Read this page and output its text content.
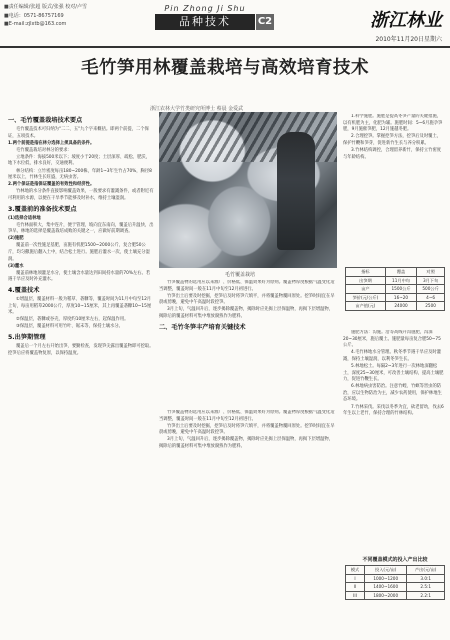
■责任编辑/张超 版式/张强 校对/卢雪
■电话：0571-86757169
■E-mail:zjlxtb@163.com
Pin Zhong Ji Shu
品种技术	C2	浙江林业
2010年11月20日星期六
毛竹笋用林覆盖栽培与高效培育技术
浙江农林大学竹类研究所博士 蔡晨 金爱武

一、毛竹覆盖栽培技术要点

毛竹覆盖技术可归纳为"二二、五"九个字来概括。即两个前提，二个保证，五项技术。

1.两个前提是指在林分选择上须具备的条件。

毛竹覆盖栽培对林分的要求：

立地条件：海拔500米以下；坡度小于20度；土层深厚、疏松、肥沃，地下水位低，排水良好，交通便利。

林分结构：立竹密度每亩180~200株，年龄1~3年生竹占70%，胸径8厘米以上，竹林生长旺盛，无病虫害。

2.两个保证是指保证覆盖的有效性和经济性。

竹林地的水分条件直接影响覆盖效果，一般要求有灌溉条件，或者附近有可利用的水源，以便在干旱季节能够及时补水，维持土壤湿润。

3.覆盖前的准备技术要点

(1)选择合适林地

毛竹林面积大，集中连片，便于管理，坡向宜东南向，覆盖后升温快，出笋早。林地的选择是覆盖栽培成败的关键之一，应做好前期调查。

(2)施肥

覆盖前一次性施足基肥，亩施有机肥1500~2000公斤，复合肥50公斤，均匀撒施后翻入土中，结合松土进行。施肥后灌水一次，使土壤充分湿润。

(3)灌水

覆盖前林地须灌足水分，使土壤含水量达到田间持水量的70%左右。若遇干旱应及时补充灌水。

4.覆盖技术

①增温层，覆盖材料一般为稻草、砻糠等，覆盖时间为11月中旬至12月上旬，每亩用稻草2000公斤，厚度10~15厘米，其上再覆盖砻糠10~15厘米。

②保温层，砻糠或谷壳，厚度约10厘米左右，起保温作用。

③保湿层，覆盖材料可用竹叶、锯末等，保持土壤水分。

5.出笋期管理

覆盖后一个月左右开始出笋，要勤检查，发现笋尖露出覆盖物即可挖取。挖笋后应将覆盖物复原，以保持温度。

竹笋覆盖物的选用应以来源广、价格低、保温效果好为原则。覆盖物厚度根据气温变化适当调整，覆盖时间一般在11月中旬至12月初进行。

竹笋出土后要及时挖掘，挖笋后及时将笋穴填平，并将覆盖物覆回原处。挖笋时间宜在早晨或傍晚，避免中午高温时段挖笋。

3月上旬，气温回升后，逐步揭除覆盖物，揭除时应先揭上层保温物，再揭下层增温物，揭除后的覆盖材料可集中堆放腐熟作为肥料。

二、毛竹冬笋丰产培育关键技术

1.科学施肥。施肥是提高冬笋产量的关键措施，以有机肥为主，化肥为辅。施肥时间：5~6月施孕笋肥，9月施催笋肥，12月施越冬肥。

2.合理挖笋。掌握挖笋方法，挖笋后及时覆土，保护竹鞭和笋芽，促进新竹生长与养分积累。

3.竹林结构调控，合理留养新竹，保持立竹密度与年龄结构。

施肥方法：沟施。沿等高线开沟施肥，沟深20~30厘米，施后覆土。施肥量每亩复合肥50~75公斤。

4.毛竹林地水分管理。秋冬季节遇干旱应及时灌溉，保持土壤湿润，以利冬笋生长。

5.林地松土。每隔2~3年进行一次林地深翻松土，深度25~30厘米，可改善土壤结构，提高土壤肥力，促进竹鞭生长。

6.林地病虫害防治。注意竹蝗、竹螟等害虫的防治，应以生物防治为主，减少农药使用，保护林地生态环境。

7.竹林采伐。采伐以冬季为宜，砍老留幼，伐去6年生以上老竹，保持合理的竹林结构。

毛竹覆盖栽培

竹笋覆盖物的选用应以来源广、价格低、保温效果好为原则。覆盖物厚度根据气温变化适当调整，覆盖时间一般在11月中旬至12月初进行。

竹笋出土后要及时挖掘，挖笋后及时将笋穴填平，并将覆盖物覆回原处。挖笋时间宜在早晨或傍晚，避免中午高温时段挖笋。

3月上旬，气温回升后，逐步揭除覆盖物，揭除时应先揭上层保温物，再揭下层增温物，揭除后的覆盖材料可集中堆放腐熟作为肥料。

指标	覆盖	对照
出笋期	11月中旬	3月下旬
亩产	1500公斤	500公斤
笋价(元/公斤)	16~20	4~6
亩产值(元)	24000	2500
不同覆盖模式的投入产出比较
模式	投入(元/亩)	产出(元/亩)
I	1000~1200	3.0:1
II	1400~1600	2.5:1
III	1800~2000	2.2:1
